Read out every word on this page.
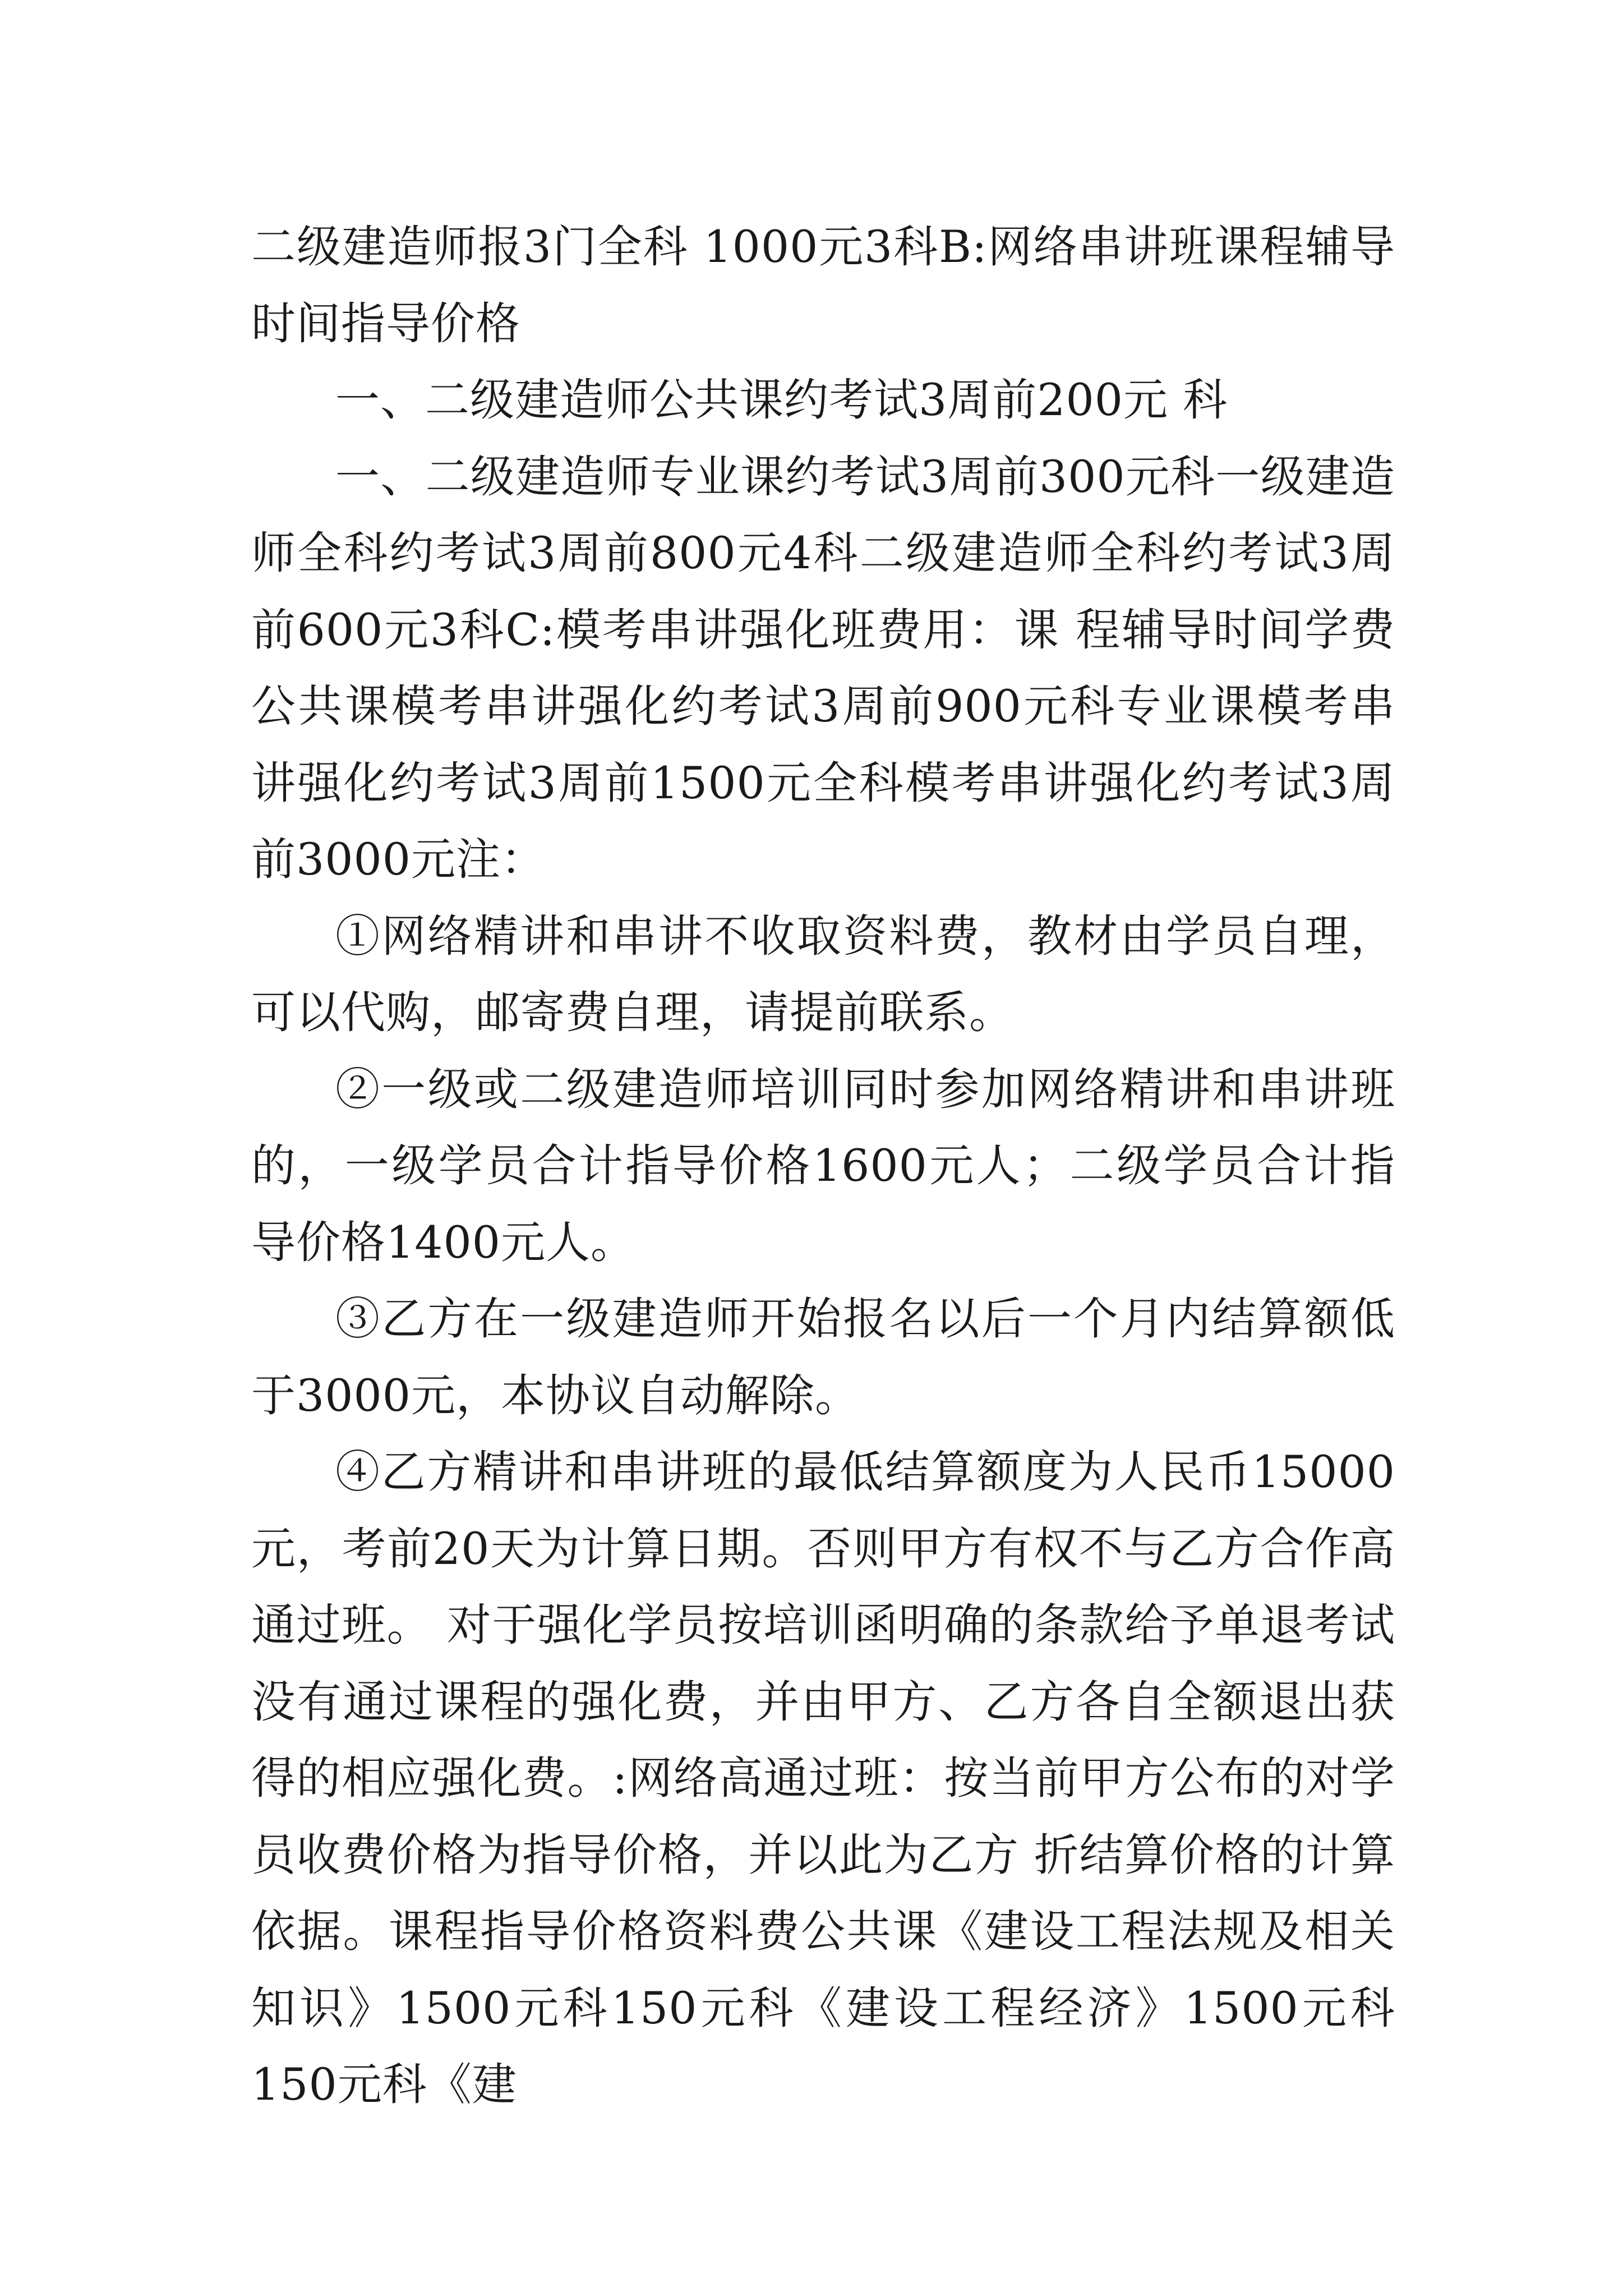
二级建造师报3门全科 1000元3科B:网络串讲班课程辅导时间指导价格

一、二级建造师公共课约考试3周前200元 科

一、二级建造师专业课约考试3周前300元科一级建造师全科约考试3周前800元4科二级建造师全科约考试3周前600元3科C:模考串讲强化班费用：课 程辅导时间学费公共课模考串讲强化约考试3周前900元科专业课模考串讲强化约考试3周前1500元全科模考串讲强化约考试3周前3000元注：

①网络精讲和串讲不收取资料费，教材由学员自理，可以代购，邮寄费自理，请提前联系。

②一级或二级建造师培训同时参加网络精讲和串讲班的，一级学员合计指导价格1600元人；二级学员合计指导价格1400元人。

③乙方在一级建造师开始报名以后一个月内结算额低于3000元，本协议自动解除。

④乙方精讲和串讲班的最低结算额度为人民币15000元，考前20天为计算日期。否则甲方有权不与乙方合作高通过班。 对于强化学员按培训函明确的条款给予单退考试没有通过课程的强化费，并由甲方、乙方各自全额退出获得的相应强化费。:网络高通过班：按当前甲方公布的对学员收费价格为指导价格，并以此为乙方 折结算价格的计算依据。课程指导价格资料费公共课《建设工程法规及相关知识》1500元科150元科《建设工程经济》1500元科150元科《建
